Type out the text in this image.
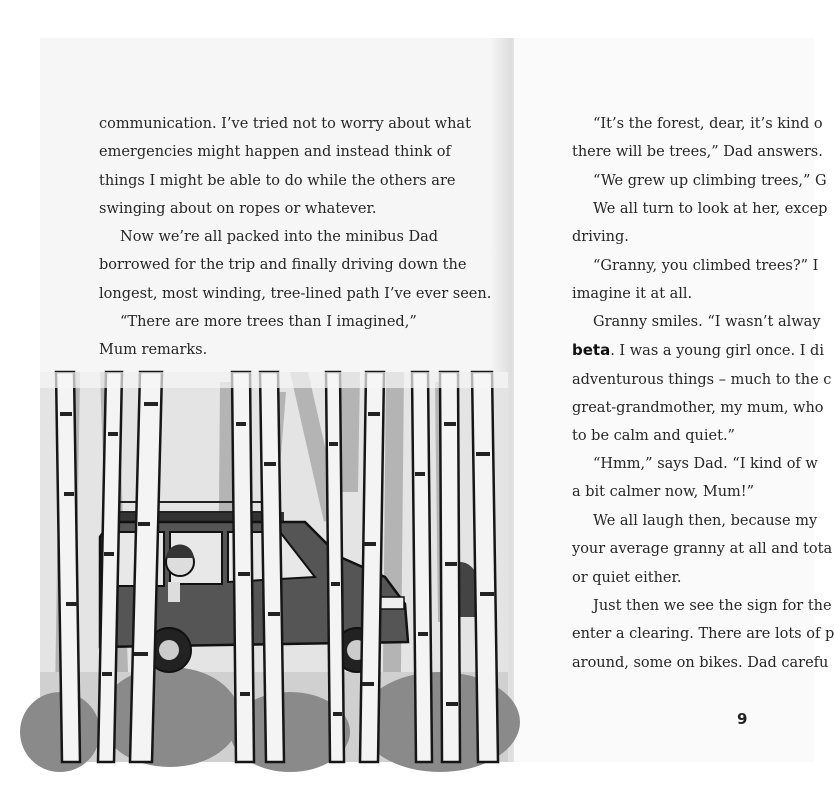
communication. I’ve tried not to worry about what
emergencies might happen and instead think of
things I might be able to do while the others are
swinging about on ropes or whatever.
Now we’re all packed into the minibus Dad
borrowed for the trip and finally driving down the
longest, most winding, tree-lined path I’ve ever seen.
“There are more trees than I imagined,”
Mum remarks.
“It’s the forest, dear, it’s kind o
there will be trees,” Dad answers.
“We grew up climbing trees,” G
We all turn to look at her, excep
driving.
“Granny, you climbed trees?” I
imagine it at all.
Granny smiles. “I wasn’t alway
beta. I was a young girl once. I di
adventurous things – much to the c
great-grandmother, my mum, who
to be calm and quiet.”
“Hmm,” says Dad. “I kind of w
a bit calmer now, Mum!”
We all laugh then, because my
your average granny at all and tota
or quiet either.
Just then we see the sign for the
enter a clearing. There are lots of p
around, some on bikes. Dad carefu
9
